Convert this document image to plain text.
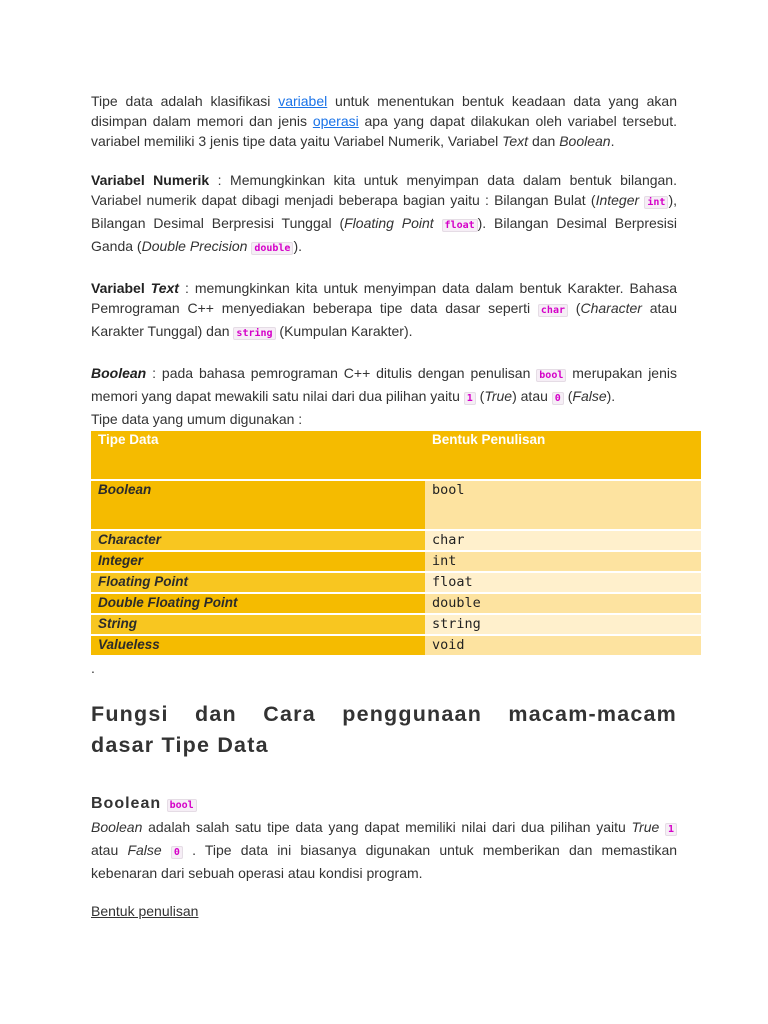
Tipe data adalah klasifikasi variabel untuk menentukan bentuk keadaan data yang akan disimpan dalam memori dan jenis operasi apa yang dapat dilakukan oleh variabel tersebut. variabel memiliki 3 jenis tipe data yaitu Variabel Numerik, Variabel Text dan Boolean.

Variabel Numerik : Memungkinkan kita untuk menyimpan data dalam bentuk bilangan. Variabel numerik dapat dibagi menjadi beberapa bagian yaitu : Bilangan Bulat (Integer int ), Bilangan Desimal Berpresisi Tunggal (Floating Point float ). Bilangan Desimal Berpresisi Ganda (Double Precision double ).

Variabel Text : memungkinkan kita untuk menyimpan data dalam bentuk Karakter. Bahasa Pemrograman C++ menyediakan beberapa tipe data dasar seperti char (Character atau Karakter Tunggal) dan string (Kumpulan Karakter).

Boolean : pada bahasa pemrograman C++ ditulis dengan penulisan bool merupakan jenis memori yang dapat mewakili satu nilai dari dua pilihan yaitu 1 (True) atau 0 (False).

Tipe data yang umum digunakan :

Tipe Data	Bentuk Penulisan
Boolean	bool
Character	char
Integer	int
Floating Point	float
Double Floating Point	double
String	string
Valueless	void
.
Fungsi dan Cara penggunaan macam-macam
dasar Tipe Data
Boolean bool

Boolean adalah salah satu tipe data yang dapat memiliki nilai dari dua pilihan yaitu True 1 atau False 0 . Tipe data ini biasanya digunakan untuk memberikan dan memastikan kebenaran dari sebuah operasi atau kondisi program.

Bentuk penulisan
